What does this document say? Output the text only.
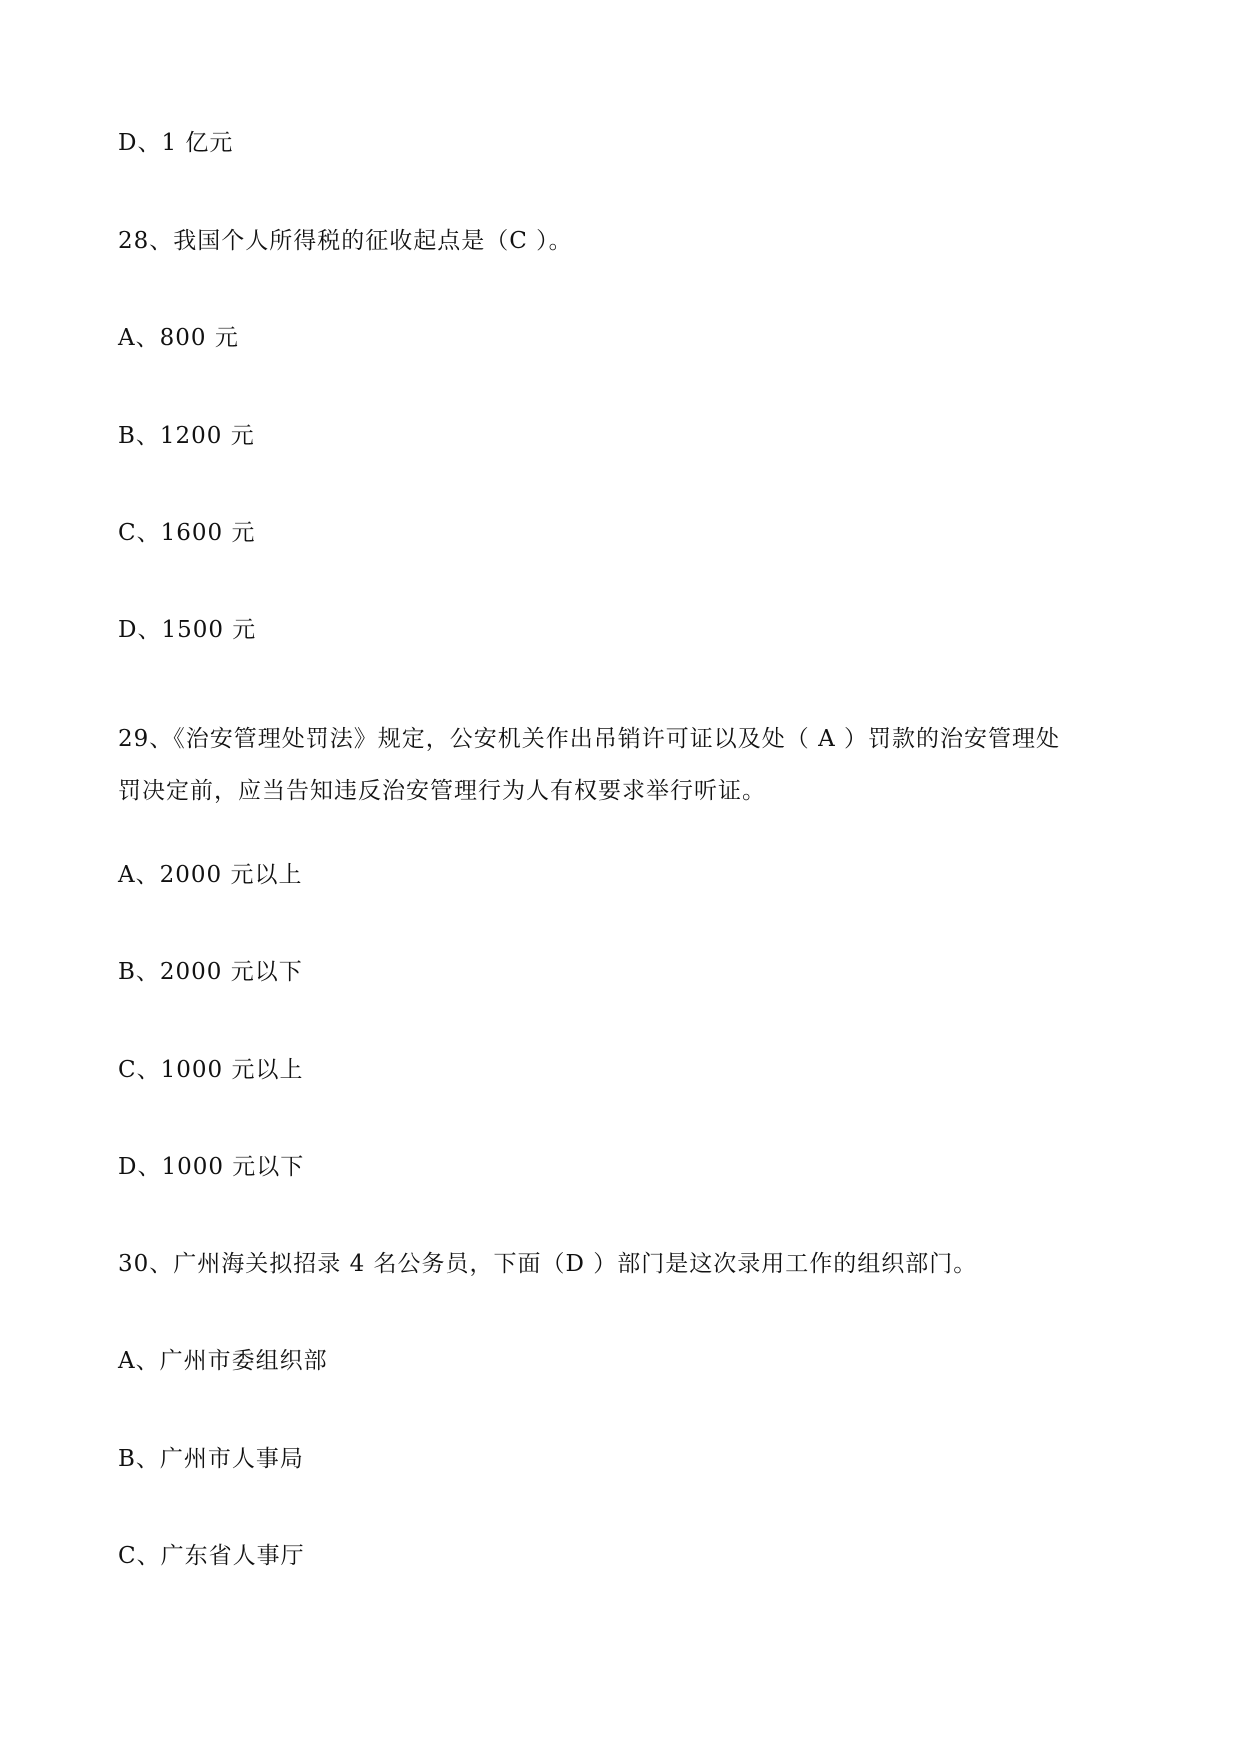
D、1 亿元
28、我国个人所得税的征收起点是（C ）。
A、800 元
B、1200 元
C、1600 元
D、1500 元
29、《治安管理处罚法》规定，公安机关作出吊销许可证以及处（ A ）罚款的治安管理处
罚决定前，应当告知违反治安管理行为人有权要求举行听证。
A、2000 元以上
B、2000 元以下
C、1000 元以上
D、1000 元以下
30、广州海关拟招录 4 名公务员，下面（D ）部门是这次录用工作的组织部门。
A、广州市委组织部
B、广州市人事局
C、广东省人事厅
